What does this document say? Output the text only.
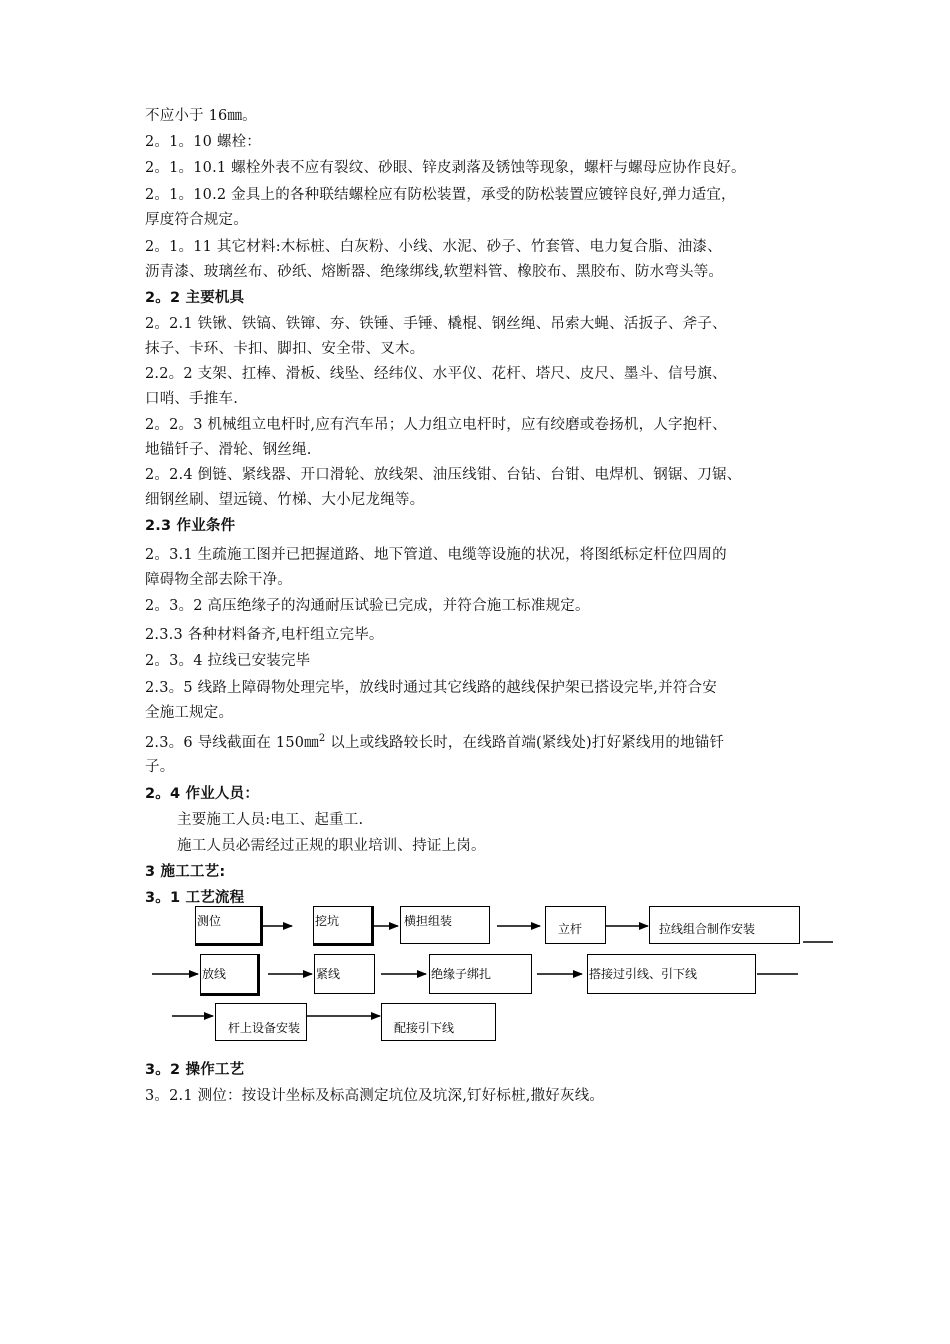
不应小于 16㎜。
2。1。10 螺栓：
2。1。10.1 螺栓外表不应有裂纹、砂眼、锌皮剥落及锈蚀等现象，螺杆与螺母应协作良好。
2。1。10.2 金具上的各种联结螺栓应有防松装置，承受的防松装置应镀锌良好,弹力适宜，
厚度符合规定。
2。1。11 其它材料:木标桩、白灰粉、小线、水泥、砂子、竹套管、电力复合脂、油漆、
沥青漆、玻璃丝布、砂纸、熔断器、绝缘绑线,软塑料管、橡胶布、黑胶布、防水弯头等。
2。2 主要机具
2。2.1 铁锹、铁镐、铁镩、夯、铁锤、手锤、橇棍、钢丝绳、吊索大蝇、活扳子、斧子、
抹子、卡环、卡扣、脚扣、安全带、叉木。
2.2。2 支架、扛棒、滑板、线坠、经纬仪、水平仪、花杆、塔尺、皮尺、墨斗、信号旗、
口哨、手推车.
2。2。3 机械组立电杆时,应有汽车吊；人力组立电杆时，应有绞磨或卷扬机，人字抱杆、
地锚钎子、滑轮、钢丝绳.
2。2.4 倒链、紧线器、开口滑轮、放线架、油压线钳、台钻、台钳、电焊机、钢锯、刀锯、
细钢丝刷、望远镜、竹梯、大小尼龙绳等。
2.3 作业条件
2。3.1 生疏施工图并已把握道路、地下管道、电缆等设施的状况，将图纸标定杆位四周的
障碍物全部去除干净。
2。3。2 高压绝缘子的沟通耐压试验已完成，并符合施工标准规定。
2.3.3 各种材料备齐,电杆组立完毕。
2。3。4 拉线已安装完毕
2.3。5 线路上障碍物处理完毕，放线时通过其它线路的越线保护架已搭设完毕,并符合安
全施工规定。
2.3。6 导线截面在 150㎜$^2$ 以上或线路较长时，在线路首端(紧线处)打好紧线用的地锚钎
子。
2。4 作业人员：
主要施工人员:电工、起重工.
施工人员必需经过正规的职业培训、持证上岗。
3 施工工艺:
3。1 工艺流程
3。2 操作工艺
3。2.1 测位：按设计坐标及标高测定坑位及坑深,钉好标桩,撒好灰线。
测位	挖坑	横担组装
立杆	拉线组合制作安装
放线	紧线	绝缘子绑扎	搭接过引线、引下线
杆上设备安装	配接引下线
